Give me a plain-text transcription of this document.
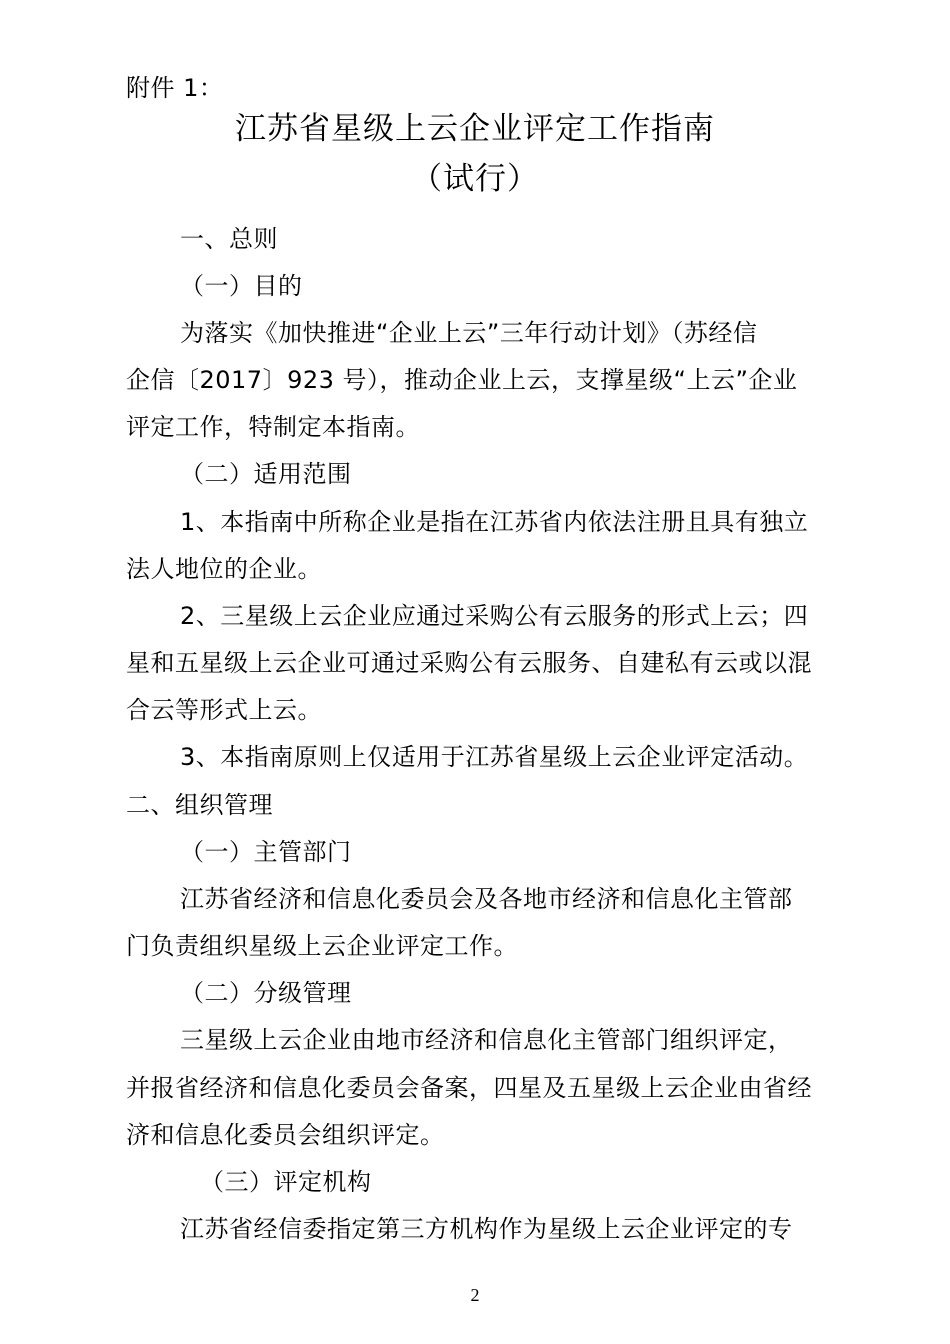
附件 1：
江苏省星级上云企业评定工作指南
（试行）
一、总则
（一）目的
为落实《加快推进“企业上云”三年行动计划》（苏经信
企信〔2017〕923 号），推动企业上云，支撑星级“上云”企业
评定工作，特制定本指南。
（二）适用范围
1、本指南中所称企业是指在江苏省内依法注册且具有独立
法人地位的企业。
2、三星级上云企业应通过采购公有云服务的形式上云；四
星和五星级上云企业可通过采购公有云服务、自建私有云或以混
合云等形式上云。
3、本指南原则上仅适用于江苏省星级上云企业评定活动。
二、组织管理
（一）主管部门
江苏省经济和信息化委员会及各地市经济和信息化主管部
门负责组织星级上云企业评定工作。
（二）分级管理
三星级上云企业由地市经济和信息化主管部门组织评定，
并报省经济和信息化委员会备案，四星及五星级上云企业由省经
济和信息化委员会组织评定。
（三）评定机构
江苏省经信委指定第三方机构作为星级上云企业评定的专
2
